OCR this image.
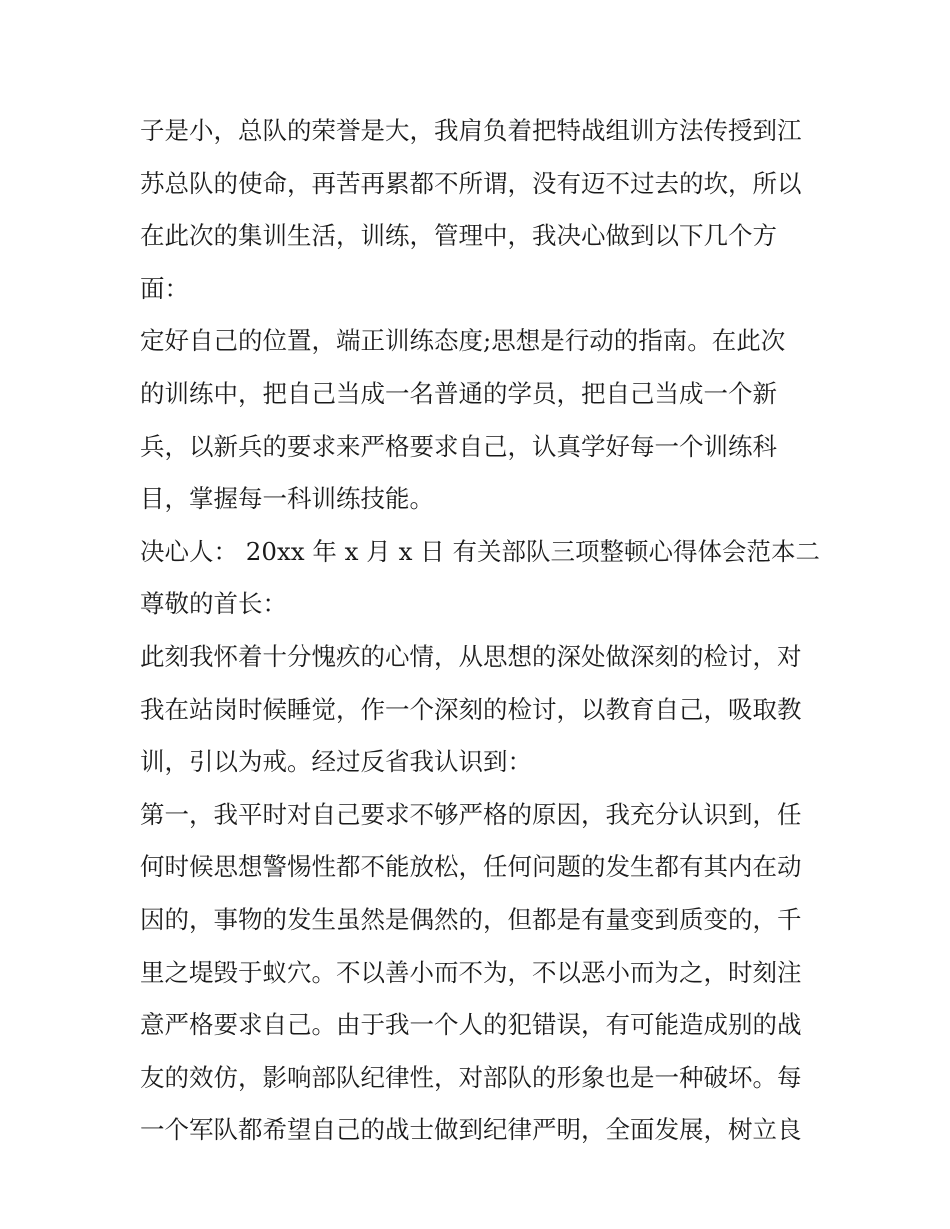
子是小，总队的荣誉是大，我肩负着把特战组训方法传授到江
苏总队的使命，再苦再累都不所谓，没有迈不过去的坎，所以
在此次的集训生活，训练，管理中，我决心做到以下几个方
面：
定好自己的位置，端正训练态度;思想是行动的指南。在此次
的训练中，把自己当成一名普通的学员，把自己当成一个新
兵，以新兵的要求来严格要求自己，认真学好每一个训练科
目，掌握每一科训练技能。
决心人： 20xx 年 x 月 x 日 有关部队三项整顿心得体会范本二
尊敬的首长：
此刻我怀着十分愧疚的心情，从思想的深处做深刻的检讨，对
我在站岗时候睡觉，作一个深刻的检讨，以教育自己，吸取教
训，引以为戒。经过反省我认识到：
第一，我平时对自己要求不够严格的原因，我充分认识到，任
何时候思想警惕性都不能放松，任何问题的发生都有其内在动
因的，事物的发生虽然是偶然的，但都是有量变到质变的，千
里之堤毁于蚁穴。不以善小而不为，不以恶小而为之，时刻注
意严格要求自己。由于我一个人的犯错误，有可能造成别的战
友的效仿，影响部队纪律性，对部队的形象也是一种破坏。每
一个军队都希望自己的战士做到纪律严明，全面发展，树立良
